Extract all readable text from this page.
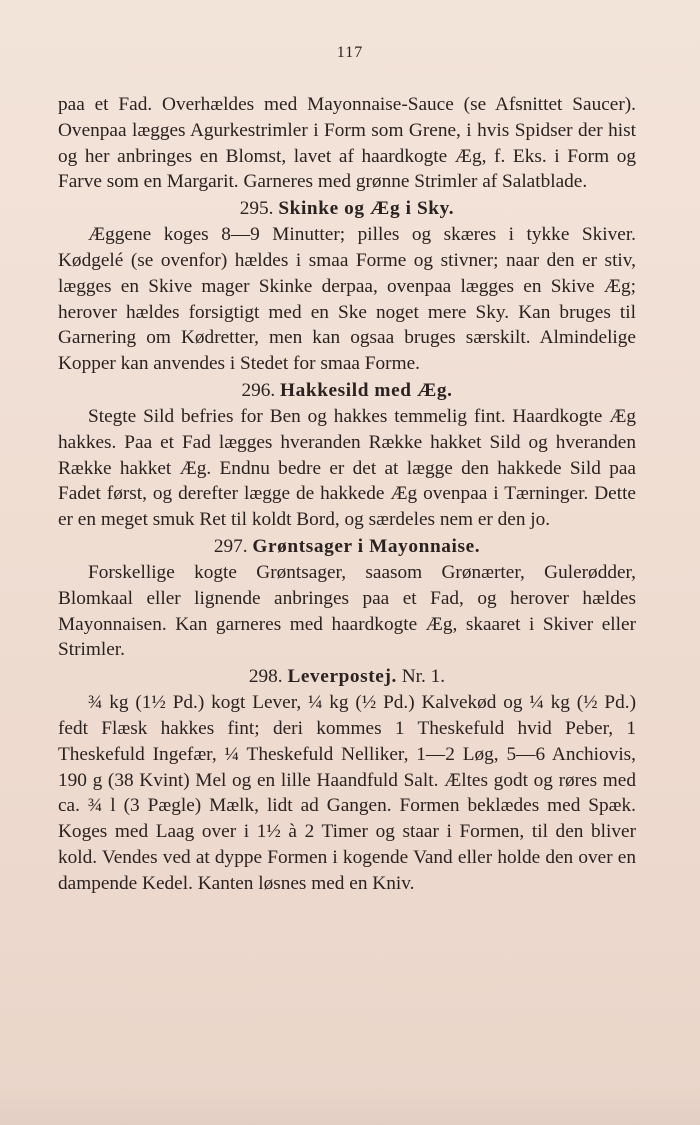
117

paa et Fad. Overhældes med Mayonnaise-Sauce (se Afsnittet Saucer). Ovenpaa lægges Agurkestrimler i Form som Grene, i hvis Spidser der hist og her anbringes en Blomst, lavet af haardkogte Æg, f. Eks. i Form og Farve som en Margarit. Garneres med grønne Strimler af Salatblade.

295. Skinke og Æg i Sky.

Æggene koges 8—9 Minutter; pilles og skæres i tykke Skiver. Kødgelé (se ovenfor) hældes i smaa Forme og stivner; naar den er stiv, lægges en Skive mager Skinke derpaa, ovenpaa lægges en Skive Æg; herover hældes forsigtigt med en Ske noget mere Sky. Kan bruges til Garnering om Kødretter, men kan ogsaa bruges særskilt. Almindelige Kopper kan anvendes i Stedet for smaa Forme.

296. Hakkesild med Æg.

Stegte Sild befries for Ben og hakkes temmelig fint. Haardkogte Æg hakkes. Paa et Fad lægges hveranden Række hakket Sild og hveranden Række hakket Æg. Endnu bedre er det at lægge den hakkede Sild paa Fadet først, og derefter lægge de hakkede Æg ovenpaa i Tærninger. Dette er en meget smuk Ret til koldt Bord, og særdeles nem er den jo.

297. Grøntsager i Mayonnaise.

Forskellige kogte Grøntsager, saasom Grønærter, Gulerødder, Blomkaal eller lignende anbringes paa et Fad, og herover hældes Mayonnaisen. Kan garneres med haardkogte Æg, skaaret i Skiver eller Strimler.

298. Leverpostej. Nr. 1.

¾ kg (1½ Pd.) kogt Lever, ¼ kg (½ Pd.) Kalvekød og ¼ kg (½ Pd.) fedt Flæsk hakkes fint; deri kommes 1 Theskefuld hvid Peber, 1 Theskefuld Ingefær, ¼ Theskefuld Nelliker, 1—2 Løg, 5—6 Anchiovis, 190 g (38 Kvint) Mel og en lille Haandfuld Salt. Æltes godt og røres med ca. ¾ l (3 Pægle) Mælk, lidt ad Gangen. Formen beklædes med Spæk. Koges med Laag over i 1½ à 2 Timer og staar i Formen, til den bliver kold. Vendes ved at dyppe Formen i kogende Vand eller holde den over en dampende Kedel. Kanten løsnes med en Kniv.
